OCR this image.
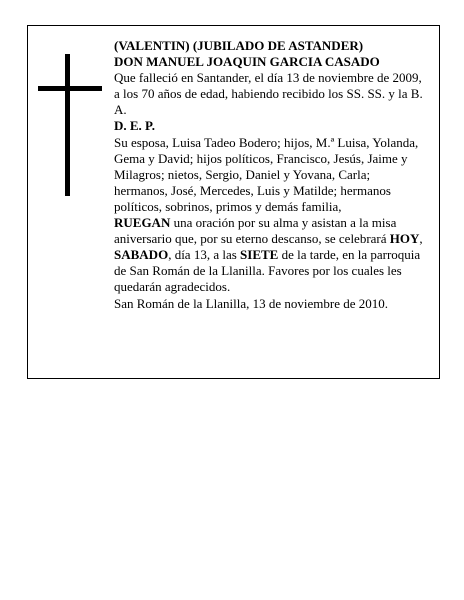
(VALENTIN) (JUBILADO DE ASTANDER)

DON MANUEL JOAQUIN GARCIA CASADO

Que falleció en Santander, el día 13 de noviembre de 2009,

a los 70 años de edad, habiendo recibido los SS. SS. y la B. A.

D. E. P.

Su esposa, Luisa Tadeo Bodero; hijos, M.ª Luisa, Yolanda, Gema y David; hijos políticos, Francisco, Jesús, Jaime y Milagros; nietos, Sergio, Daniel y Yovana, Carla; hermanos, José, Mercedes, Luis y Matilde; hermanos políticos, sobrinos, primos y demás familia,

RUEGAN una oración por su alma y asistan a la misa aniversario que, por su eterno descanso, se celebrará HOY, SABADO, día 13, a las SIETE de la tarde, en la parroquia de San Román de la Llanilla. Favores por los cuales les quedarán agradecidos.

San Román de la Llanilla, 13 de noviembre de 2010.
